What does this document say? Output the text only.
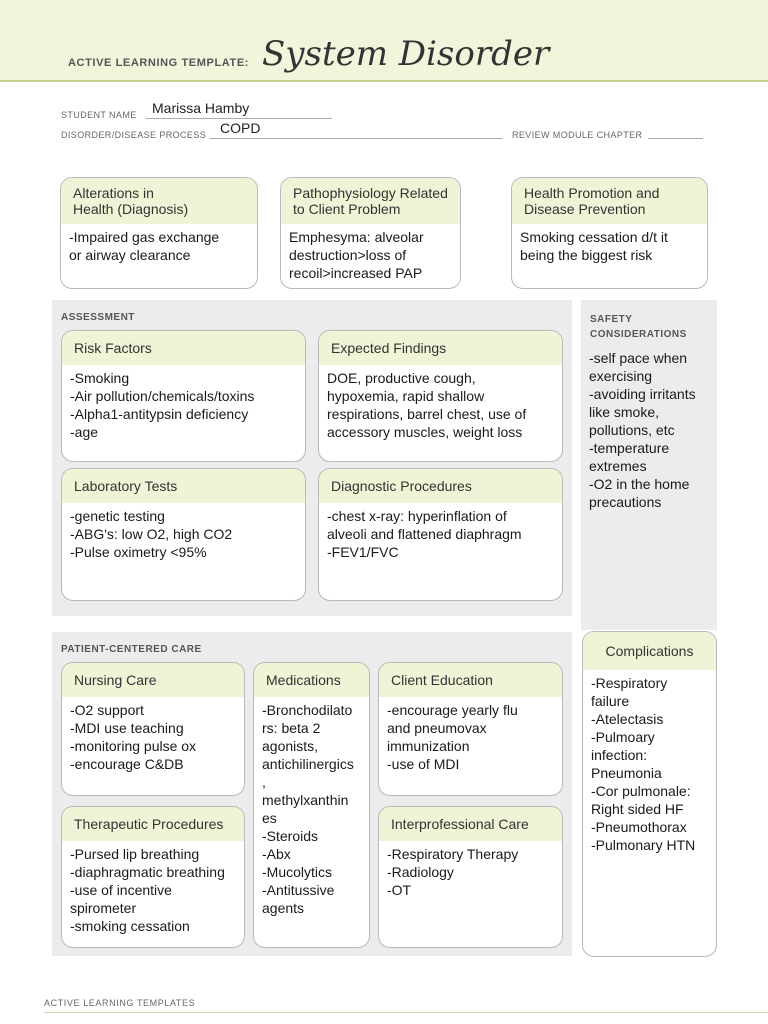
ACTIVE LEARNING TEMPLATE: System Disorder
STUDENT NAME Marissa Hamby
DISORDER/DISEASE PROCESS COPD	REVIEW MODULE CHAPTER
Alterations in
Health (Diagnosis)
-Impaired gas exchange
or airway clearance
Pathophysiology Related
to Client Problem
Emphesyma: alveolar
destruction>loss of
recoil>increased PAP
Health Promotion and
Disease Prevention
Smoking cessation d/t it
being the biggest risk
ASSESSMENT
Risk Factors
-Smoking
-Air pollution/chemicals/toxins
-Alpha1-antitypsin deficiency
-age
Expected Findings
DOE, productive cough,
hypoxemia, rapid shallow
respirations, barrel chest, use of
accessory muscles, weight loss
Laboratory Tests
-genetic testing
-ABG's: low O2, high CO2
-Pulse oximetry <95%
Diagnostic Procedures
-chest x-ray: hyperinflation of
alveoli and flattened diaphragm
-FEV1/FVC
SAFETY
CONSIDERATIONS
-self pace when
exercising
-avoiding irritants
like smoke,
pollutions, etc
-temperature
extremes
-O2 in the home
precautions
PATIENT-CENTERED CARE
Nursing Care
-O2 support
-MDI use teaching
-monitoring pulse ox
-encourage C&DB
Medications
-Bronchodilato
rs: beta 2
agonists,
antichilinergics
,
methylxanthin
es
-Steroids
-Abx
-Mucolytics
-Antitussive
agents
Client Education
-encourage yearly flu
and pneumovax
immunization
-use of MDI
Therapeutic Procedures
-Pursed lip breathing
-diaphragmatic breathing
-use of incentive
spirometer
-smoking cessation
Interprofessional Care
-Respiratory Therapy
-Radiology
-OT
Complications
-Respiratory
failure
-Atelectasis
-Pulmoary
infection:
Pneumonia
-Cor pulmonale:
Right sided HF
-Pneumothorax
-Pulmonary HTN
ACTIVE LEARNING TEMPLATES
